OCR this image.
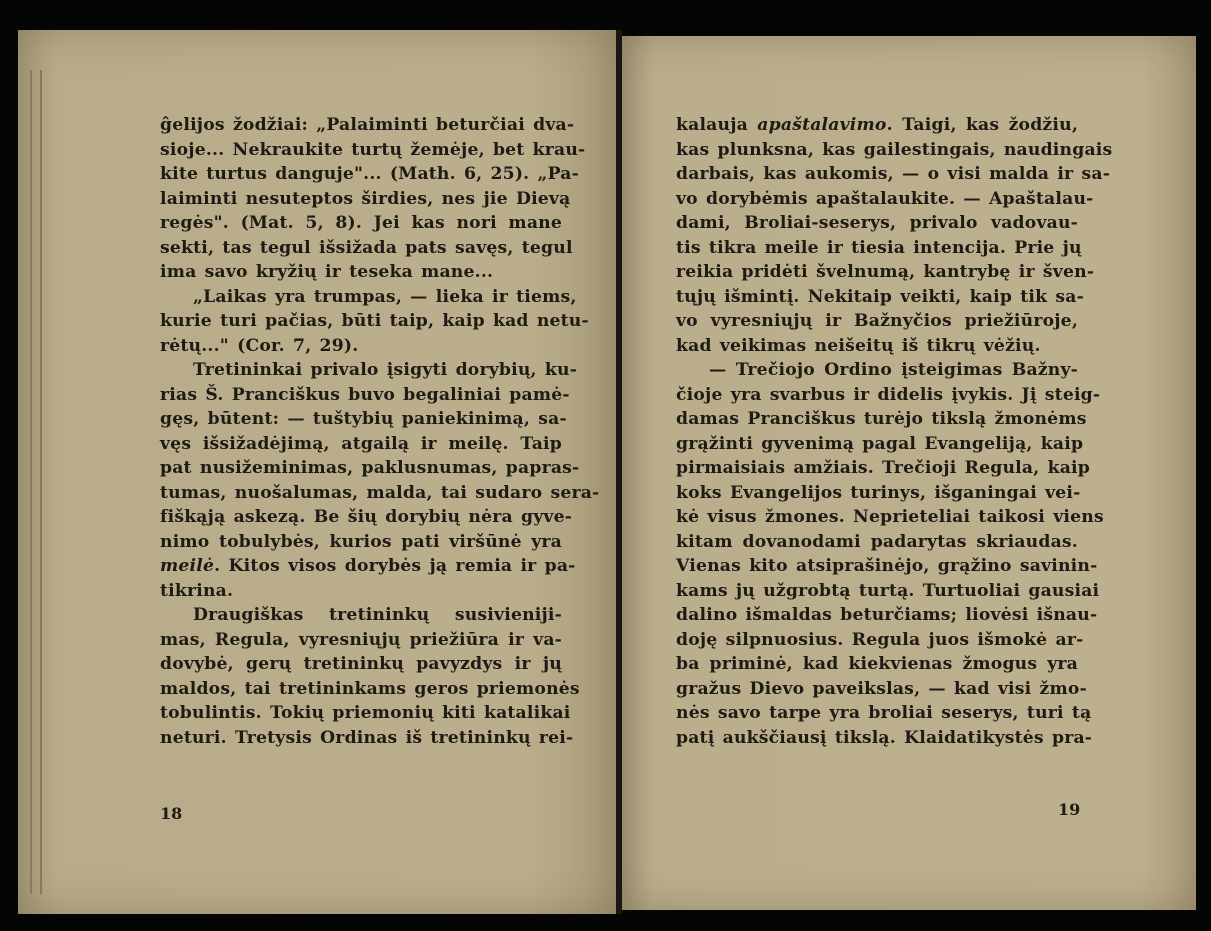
ĝelijos žodžiai: „Palaiminti beturčiai dva-
sioje... Nekraukite turtų žemėje, bet krau-
kite turtus danguje"... (Math. 6, 25). „Pa-
laiminti nesuteptos širdies, nes jie Dievą
regės". (Mat. 5, 8). Jei kas nori mane
sekti, tas tegul išsižada pats savęs, tegul
ima savo kryžių ir teseka mane...
„Laikas yra trumpas, — lieka ir tiems,
kurie turi pačias, būti taip, kaip kad netu-
rėtų..." (Cor. 7, 29).
Tretininkai privalo įsigyti dorybių, ku-
rias Š. Pranciškus buvo begaliniai pamė-
gęs, būtent: — tuštybių paniekinimą, sa-
vęs išsižadėjimą, atgailą ir meilę. Taip
pat nusižeminimas, paklusnumas, papras-
tumas, nuošalumas, malda, tai sudaro sera-
fiškąją askezą. Be šių dorybių nėra gyve-
nimo tobulybės, kurios pati viršūnė yra
meilė. Kitos visos dorybės ją remia ir pa-
tikrina.
Draugiškas tretininkų susivieniji-
mas, Regula, vyresniųjų priežiūra ir va-
dovybė, gerų tretininkų pavyzdys ir jų
maldos, tai tretininkams geros priemonės
tobulintis. Tokių priemonių kiti katalikai
neturi. Tretysis Ordinas iš tretininkų rei-
kalauja apaštalavimo. Taigi, kas žodžiu,
kas plunksna, kas gailestingais, naudingais
darbais, kas aukomis, — o visi malda ir sa-
vo dorybėmis apaštalaukite. — Apaštalau-
dami, Broliai-seserys, privalo vadovau-
tis tikra meile ir tiesia intencija. Prie jų
reikia pridėti švelnumą, kantrybę ir šven-
tųjų išmintį. Nekitaip veikti, kaip tik sa-
vo vyresniųjų ir Bažnyčios priežiūroje,
kad veikimas neišeitų iš tikrų vėžių.
— Trečiojo Ordino įsteigimas Bažny-
čioje yra svarbus ir didelis įvykis. Jį steig-
damas Pranciškus turėjo tikslą žmonėms
grąžinti gyvenimą pagal Evangeliją, kaip
pirmaisiais amžiais. Trečioji Regula, kaip
koks Evangelijos turinys, išganingai vei-
kė visus žmones. Neprieteliai taikosi viens
kitam dovanodami padarytas skriaudas.
Vienas kito atsiprašinėjo, grąžino savinin-
kams jų užgrobtą turtą. Turtuoliai gausiai
dalino išmaldas beturčiams; liovėsi išnau-
doję silpnuosius. Regula juos išmokė ar-
ba priminė, kad kiekvienas žmogus yra
gražus Dievo paveikslas, — kad visi žmo-
nės savo tarpe yra broliai seserys, turi tą
patį aukščiausį tikslą. Klaidatikystės pra-
18	19
